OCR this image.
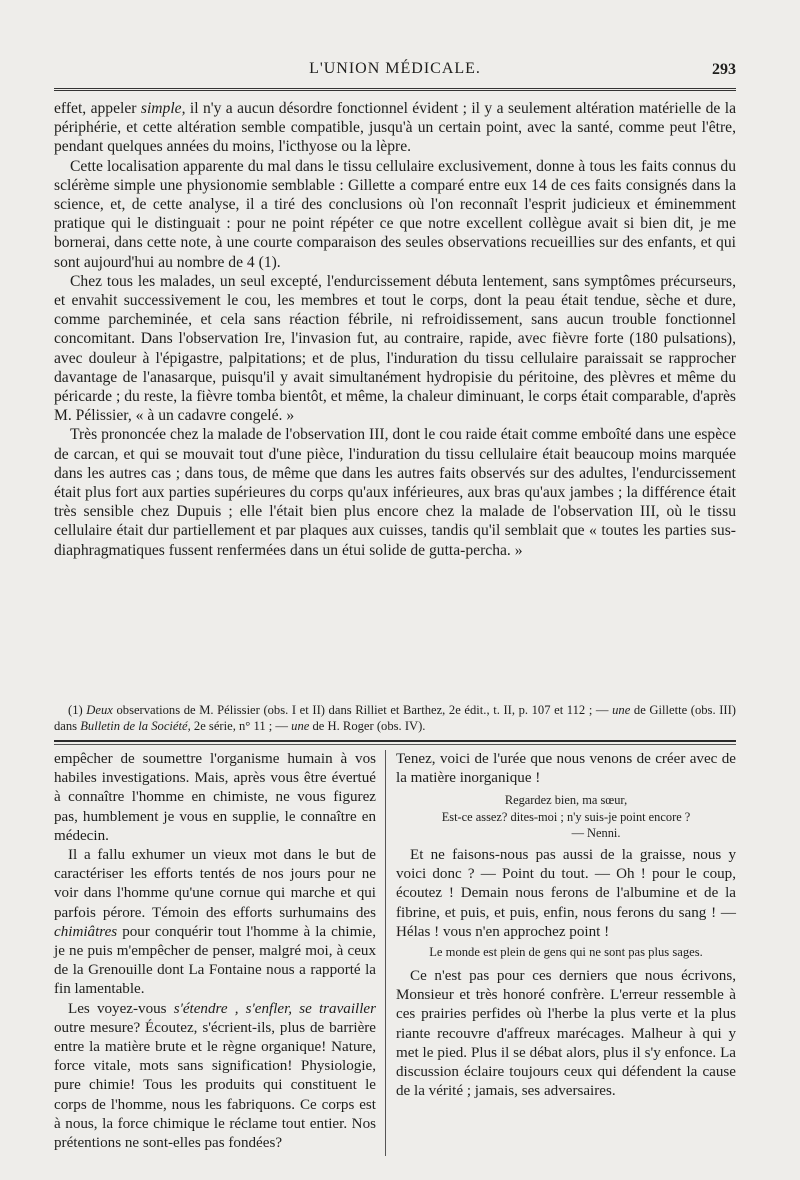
L'UNION MÉDICALE.	293

effet, appeler simple, il n'y a aucun désordre fonctionnel évident ; il y a seulement altération matérielle de la périphérie, et cette altération semble compatible, jusqu'à un certain point, avec la santé, comme peut l'être, pendant quelques années du moins, l'icthyose ou la lèpre.

Cette localisation apparente du mal dans le tissu cellulaire exclusivement, donne à tous les faits connus du sclérème simple une physionomie semblable : Gillette a comparé entre eux 14 de ces faits consignés dans la science, et, de cette analyse, il a tiré des conclusions où l'on reconnaît l'esprit judicieux et éminemment pratique qui le distinguait : pour ne point répéter ce que notre excellent collègue avait si bien dit, je me bornerai, dans cette note, à une courte comparaison des seules observations recueillies sur des enfants, et qui sont aujourd'hui au nombre de 4 (1).

Chez tous les malades, un seul excepté, l'endurcissement débuta lentement, sans symptômes précurseurs, et envahit successivement le cou, les membres et tout le corps, dont la peau était tendue, sèche et dure, comme parcheminée, et cela sans réaction fébrile, ni refroidissement, sans aucun trouble fonctionnel concomitant. Dans l'observation Ire, l'invasion fut, au contraire, rapide, avec fièvre forte (180 pulsations), avec douleur à l'épigastre, palpitations; et de plus, l'induration du tissu cellulaire paraissait se rapprocher davantage de l'anasarque, puisqu'il y avait simultanément hydropisie du péritoine, des plèvres et même du péricarde ; du reste, la fièvre tomba bientôt, et même, la chaleur diminuant, le corps était comparable, d'après M. Pélissier, « à un cadavre congelé. »

Très prononcée chez la malade de l'observation III, dont le cou raide était comme emboîté dans une espèce de carcan, et qui se mouvait tout d'une pièce, l'induration du tissu cellulaire était beaucoup moins marquée dans les autres cas ; dans tous, de même que dans les autres faits observés sur des adultes, l'endurcissement était plus fort aux parties supérieures du corps qu'aux inférieures, aux bras qu'aux jambes ; la différence était très sensible chez Dupuis ; elle l'était bien plus encore chez la malade de l'observation III, où le tissu cellulaire était dur partiellement et par plaques aux cuisses, tandis qu'il semblait que « toutes les parties sus-diaphragmatiques fussent renfermées dans un étui solide de gutta-percha. »

(1) Deux observations de M. Pélissier (obs. I et II) dans Rilliet et Barthez, 2e édit., t. II, p. 107 et 112 ; — une de Gillette (obs. III) dans Bulletin de la Société, 2e série, n° 11 ; — une de H. Roger (obs. IV).

empêcher de soumettre l'organisme humain à vos habiles investigations. Mais, après vous être évertué à connaître l'homme en chimiste, ne vous figurez pas, humblement je vous en supplie, le connaître en médecin.

Il a fallu exhumer un vieux mot dans le but de caractériser les efforts tentés de nos jours pour ne voir dans l'homme qu'une cornue qui marche et qui parfois pérore. Témoin des efforts surhumains des chimiâtres pour conquérir tout l'homme à la chimie, je ne puis m'empêcher de penser, malgré moi, à ceux de la Grenouille dont La Fontaine nous a rapporté la fin lamentable.

Les voyez-vous s'étendre , s'enfler, se travailler outre mesure? Écoutez, s'écrient-ils, plus de barrière entre la matière brute et le règne organique! Nature, force vitale, mots sans signification! Physiologie, pure chimie! Tous les produits qui constituent le corps de l'homme, nous les fabriquons. Ce corps est à nous, la force chimique le réclame tout entier. Nos prétentions ne sont-elles pas fondées?

Tenez, voici de l'urée que nous venons de créer avec de la matière inorganique !

Regardez bien, ma sœur,
Est-ce assez? dites-moi ; n'y suis-je point encore ?
— Nenni.

Et ne faisons-nous pas aussi de la graisse, nous y voici donc ? — Point du tout. — Oh ! pour le coup, écoutez ! Demain nous ferons de l'albumine et de la fibrine, et puis, et puis, enfin, nous ferons du sang ! — Hélas ! vous n'en approchez point !

Le monde est plein de gens qui ne sont pas plus sages.

Ce n'est pas pour ces derniers que nous écrivons, Monsieur et très honoré confrère. L'erreur ressemble à ces prairies perfides où l'herbe la plus verte et la plus riante recouvre d'affreux marécages. Malheur à qui y met le pied. Plus il se débat alors, plus il s'y enfonce. La discussion éclaire toujours ceux qui défendent la cause de la vérité ; jamais, ses adversaires.
